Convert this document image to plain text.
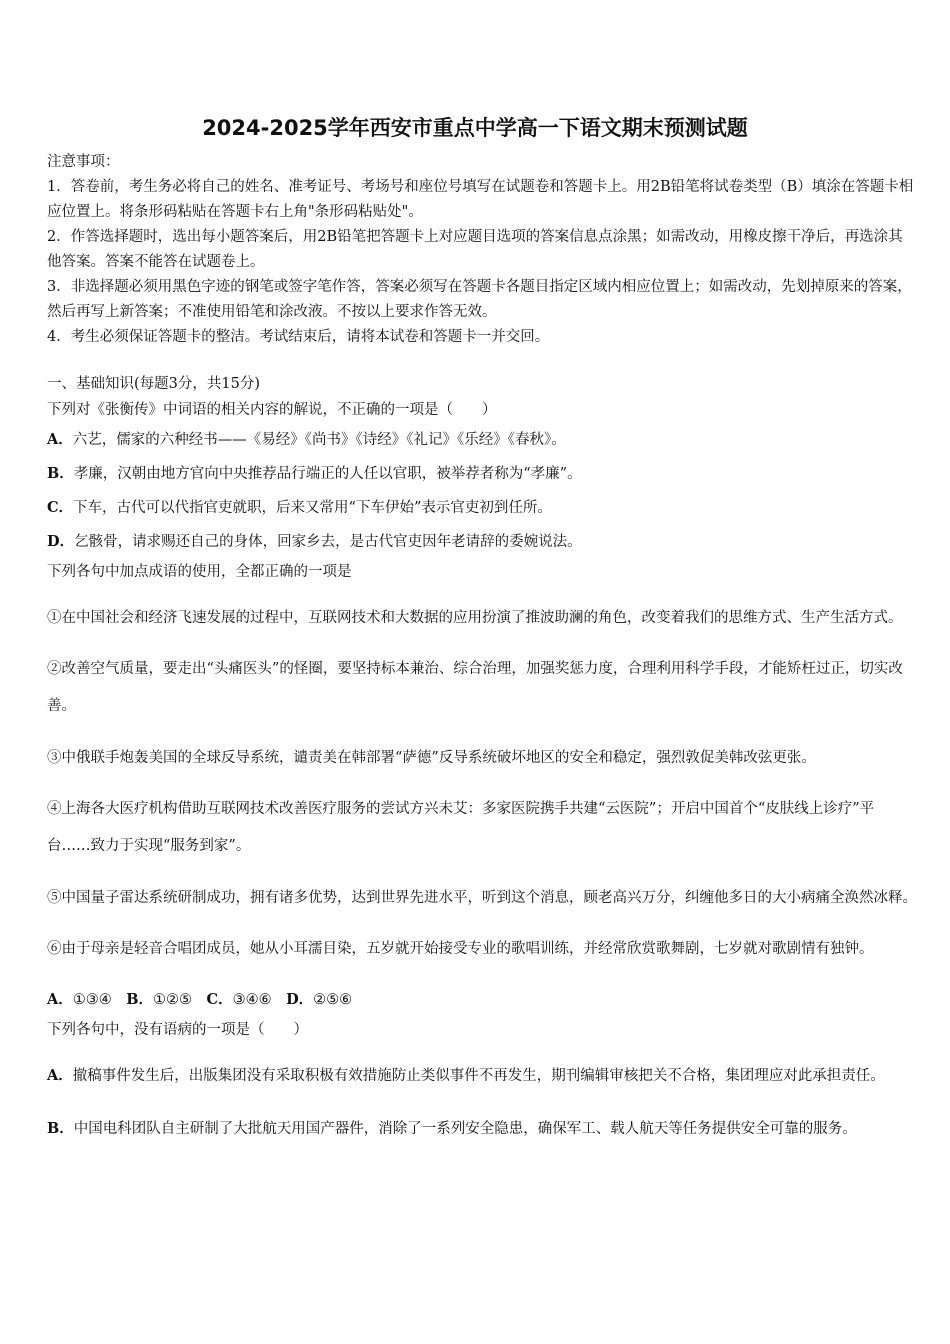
2024-2025学年西安市重点中学高一下语文期末预测试题

注意事项：

1．答卷前，考生务必将自己的姓名、准考证号、考场号和座位号填写在试题卷和答题卡上。用2B铅笔将试卷类型（B）填涂在答题卡相应位置上。将条形码粘贴在答题卡右上角"条形码粘贴处"。

2．作答选择题时，选出每小题答案后，用2B铅笔把答题卡上对应题目选项的答案信息点涂黑；如需改动，用橡皮擦干净后，再选涂其他答案。答案不能答在试题卷上。

3．非选择题必须用黑色字迹的钢笔或签字笔作答，答案必须写在答题卡各题目指定区域内相应位置上；如需改动，先划掉原来的答案，然后再写上新答案；不准使用铅笔和涂改液。不按以上要求作答无效。

4．考生必须保证答题卡的整洁。考试结束后，请将本试卷和答题卡一并交回。

一、基础知识(每题3分，共15分)

下列对《张衡传》中词语的相关内容的解说，不正确的一项是（　　）

A．六艺，儒家的六种经书——《易经》《尚书》《诗经》《礼记》《乐经》《春秋》。

B．孝廉，汉朝由地方官向中央推荐品行端正的人任以官职，被举荐者称为“孝廉”。

C．下车，古代可以代指官吏就职，后来又常用“下车伊始”表示官吏初到任所。

D．乞骸骨，请求赐还自己的身体，回家乡去，是古代官吏因年老请辞的委婉说法。

下列各句中加点成语的使用，全都正确的一项是

①在中国社会和经济飞速发展的过程中，互联网技术和大数据的应用扮演了推波助澜的角色，改变着我们的思维方式、生产生活方式。

②改善空气质量，要走出“头痛医头”的怪圈，要坚持标本兼治、综合治理，加强奖惩力度，合理利用科学手段，才能矫枉过正，切实改善。

③中俄联手炮轰美国的全球反导系统，谴责美在韩部署“萨德”反导系统破坏地区的安全和稳定，强烈敦促美韩改弦更张。

④上海各大医疗机构借助互联网技术改善医疗服务的尝试方兴未艾：多家医院携手共建“云医院”；开启中国首个“皮肤线上诊疗”平台……致力于实现“服务到家”。

⑤中国量子雷达系统研制成功，拥有诸多优势，达到世界先进水平，听到这个消息，顾老高兴万分，纠缠他多日的大小病痛全涣然冰释。

⑥由于母亲是轻音合唱团成员，她从小耳濡目染，五岁就开始接受专业的歌唱训练，并经常欣赏歌舞剧，七岁就对歌剧情有独钟。

A．①③④　 B．①②⑤　 C．③④⑥　 D．②⑤⑥

下列各句中，没有语病的一项是（　　）

A．撤稿事件发生后，出版集团没有采取积极有效措施防止类似事件不再发生，期刊编辑审核把关不合格，集团理应对此承担责任。

B．中国电科团队自主研制了大批航天用国产器件，消除了一系列安全隐患，确保军工、载人航天等任务提供安全可靠的服务。
